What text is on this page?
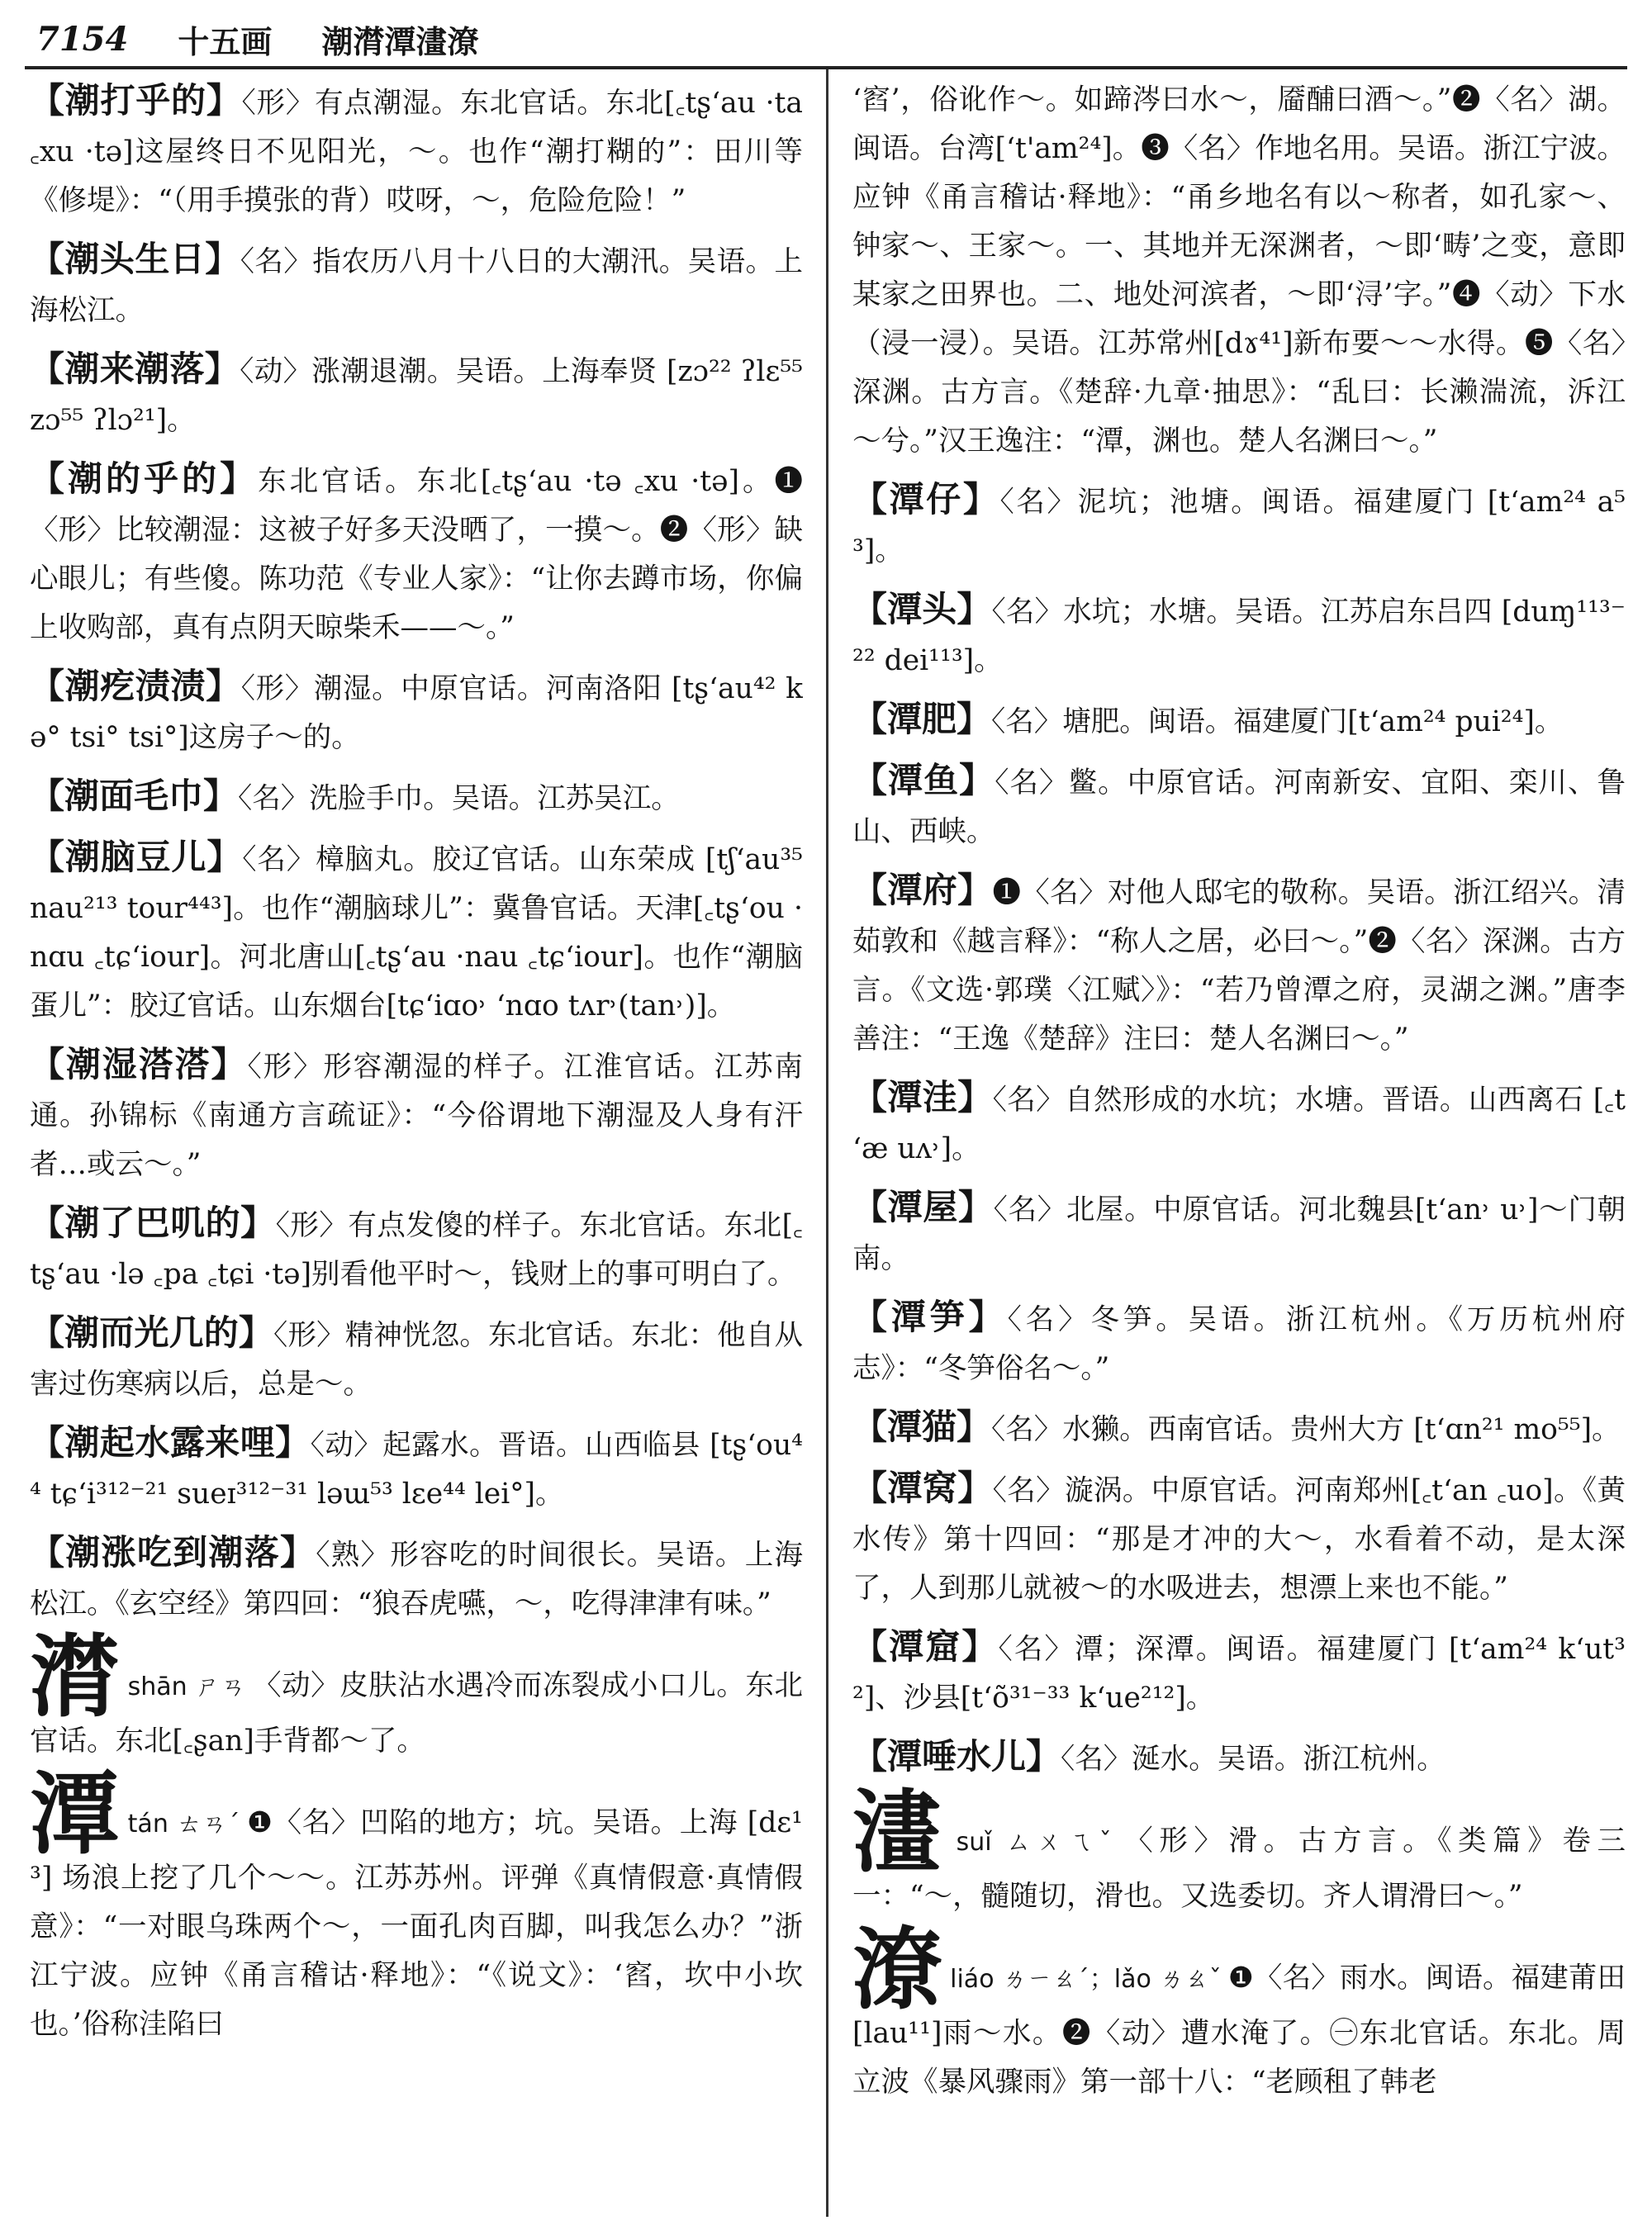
7154 十五画 潮潸潭澅潦

【潮打乎的】〈形〉有点潮湿。东北官话。东北[꜀tʂʻau ·ta ꜀xu ·tə]这屋终日不见阳光，～。也作“潮打糊的”：田川等《修堤》：“（用手摸张的背）哎呀，～，危险危险！”

【潮头生日】〈名〉指农历八月十八日的大潮汛。吴语。上海松江。

【潮来潮落】〈动〉涨潮退潮。吴语。上海奉贤 [zɔ²² ʔlɛ⁵⁵ zɔ⁵⁵ ʔlɔ²¹]。

【潮的乎的】东北官话。东北[꜀tʂʻau ·tə ꜀xu ·tə]。❶〈形〉比较潮湿：这被子好多天没晒了，一摸～。❷〈形〉缺心眼儿；有些傻。陈功范《专业人家》：“让你去蹲市场，你偏上收购部，真有点阴天晾柴禾——～。”

【潮疙渍渍】〈形〉潮湿。中原官话。河南洛阳 [tʂʻau⁴² kə° tsi° tsi°]这房子～的。

【潮面毛巾】〈名〉洗脸手巾。吴语。江苏吴江。

【潮脑豆儿】〈名〉樟脑丸。胶辽官话。山东荣成 [tʃʻau³⁵ nau²¹³ tour⁴⁴³]。也作“潮脑球儿”：冀鲁官话。天津[꜀tʂʻou ·nɑu ꜀tɕʻiour]。河北唐山[꜀tʂʻau ·nau ꜀tɕʻiour]。也作“潮脑蛋儿”：胶辽官话。山东烟台[tɕʻiɑo˒ ʻnɑo tʌr˒(tan˒)]。

【潮湿溚溚】〈形〉形容潮湿的样子。江淮官话。江苏南通。孙锦标《南通方言疏证》：“今俗谓地下潮湿及人身有汗者…或云～。”

【潮了巴叽的】〈形〉有点发傻的样子。东北官话。东北[꜀tʂʻau ·lə ꜀pa ꜀tɕi ·tə]别看他平时～，钱财上的事可明白了。

【潮而光几的】〈形〉精神恍忽。东北官话。东北：他自从害过伤寒病以后，总是～。

【潮起水露来哩】〈动〉起露水。晋语。山西临县 [tʂʻou⁴⁴ tɕʻi³¹²⁻²¹ sueɪ³¹²⁻³¹ ləɯ⁵³ lɛe⁴⁴ lei°]。

【潮涨吃到潮落】〈熟〉形容吃的时间很长。吴语。上海松江。《玄空经》第四回：“狼吞虎嚥，～，吃得津津有味。”

潸shān ㄕㄢ 〈动〉皮肤沾水遇冷而冻裂成小口儿。东北官话。东北[꜀ʂan]手背都～了。

潭tán ㄊㄢˊ ❶〈名〉凹陷的地方；坑。吴语。上海 [dɛ¹³] 场浪上挖了几个～～。江苏苏州。评弹《真情假意·真情假意》：“一对眼乌珠两个～，一面孔肉百脚，叫我怎么办？”浙江宁波。应钟《甬言稽诂·释地》：“《说文》：‘窞，坎中小坎也。’俗称洼陷曰

‘窞’，俗讹作～。如蹄涔曰水～，靥酺曰酒～。”❷〈名〉湖。闽语。台湾[ʻt'am²⁴]。❸〈名〉作地名用。吴语。浙江宁波。应钟《甬言稽诂·释地》：“甬乡地名有以～称者，如孔家～、钟家～、王家～。一、其地并无深渊者，～即‘畴’之变，意即某家之田界也。二、地处河滨者，～即‘浔’字。”❹〈动〉下水（浸一浸）。吴语。江苏常州[dɤ⁴¹]新布要～～水得。❺〈名〉深渊。古方言。《楚辞·九章·抽思》：“乱曰：长濑湍流，泝江～兮。”汉王逸注：“潭，渊也。楚人名渊曰～。”

【潭仔】〈名〉泥坑；池塘。闽语。福建厦门 [tʻam²⁴ a⁵³]。

【潭头】〈名〉水坑；水塘。吴语。江苏启东吕四 [duɱ¹¹³⁻²² dei¹¹³]。

【潭肥】〈名〉塘肥。闽语。福建厦门[tʻam²⁴ pui²⁴]。

【潭鱼】〈名〉鳖。中原官话。河南新安、宜阳、栾川、鲁山、西峡。

【潭府】❶〈名〉对他人邸宅的敬称。吴语。浙江绍兴。清茹敦和《越言释》：“称人之居，必曰～。”❷〈名〉深渊。古方言。《文选·郭璞〈江赋〉》：“若乃曾潭之府，灵湖之渊。”唐李善注：“王逸《楚辞》注曰：楚人名渊曰～。”

【潭洼】〈名〉自然形成的水坑；水塘。晋语。山西离石 [꜀tʻæ uʌ˒]。

【潭屋】〈名〉北屋。中原官话。河北魏县[tʻan˒ u˒]～门朝南。

【潭笋】〈名〉冬笋。吴语。浙江杭州。《万历杭州府志》：“冬笋俗名～。”

【潭猫】〈名〉水獭。西南官话。贵州大方 [tʻɑn²¹ mo⁵⁵]。

【潭窝】〈名〉漩涡。中原官话。河南郑州[꜀tʻan ꜀uo]。《黄水传》第十四回：“那是才冲的大～，水看着不动，是太深了，人到那儿就被～的水吸进去，想漂上来也不能。”

【潭窟】〈名〉潭；深潭。闽语。福建厦门 [tʻam²⁴ kʻut³²]、沙县[tʻõ³¹⁻³³ kʻue²¹²]。

【潭唾水儿】〈名〉涎水。吴语。浙江杭州。

澅suǐ ㄙㄨㄟˇ 〈形〉滑。古方言。《类篇》卷三一：“～，髓随切，滑也。又选委切。齐人谓滑曰～。”

潦liáo ㄌㄧㄠˊ；lǎo ㄌㄠˇ ❶〈名〉雨水。闽语。福建莆田[lau¹¹]雨～水。❷〈动〉遭水淹了。㊀东北官话。东北。周立波《暴风骤雨》第一部十八：“老顾租了韩老
